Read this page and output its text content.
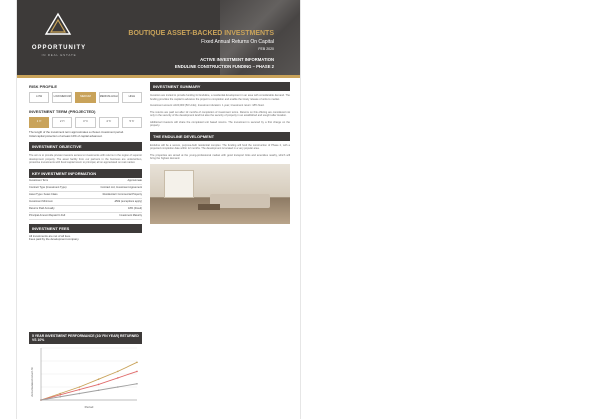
OPPORTUNITY
IN REAL ESTATE
BOUTIQUE ASSET-BACKED INVESTMENTS
Fixed Annual Returns On Capital
FEB 2020
ACTIVE INVESTMENT INFORMATION
ENDULINE CONSTRUCTION FUNDING – PHASE 2
RISK PROFILE
LOW	LOW-MEDIUM	MEDIUM	MEDIUM-HIGH	HIGH
INVESTMENT TERM (PROJECTED)
1 Yr	2 Yr	3 Yr	4 Yr	5 Yr
The length of the investment term approximates a chosen investment period.
Initial capital protection of at least 10% of capital advanced.
INVESTMENT OBJECTIVE
The aim is to provide private investors access to investments with returns in the region of superior development property. The asset facility from our partners in the business are underwritten, protective investments with fixed capital return to principal, all on appreciated on real market.
KEY INVESTMENT INFORMATION
Investment Term	Approximate
Contract Type (Investment Type)	Contract Ltd, Investment Agreement
Asset Type / Asset Class	Residential / Commercial Property
Investment Minimum	£50k (exceptions apply)
Returns Paid Annually	18% (Fixed)
Principal Amount Repaid In Full	Investment Maturity
INVESTMENT FEES
All investments are net of all fees.
Fees paid by the development company.
5 YEAR INVESTMENT PERFORMANCE (10/ FIN YEAR) RETURNED VS 10%
Accumulated return %
Period
INVESTMENT SUMMARY
Investors are invited to provide funding for Enduline, a residential development in an area with considerable demand. The funding provides the capital to advance the project to completion and enable the timely release of units to market.
Investment amount: £100,000 (50 Units); Investment duration: 1 year; Investment return: 18% fixed.
The returns are paid out after 12 months of completion of investment terms. Returns on this offering are considered not only in the security of the development land but also the security of property in an established and sought after location.
Additional investors will share the completed unit based returns. The investment is secured by a first charge on the property.
THE ENDULINE DEVELOPMENT
Enduline will be a secure, purpose-built residential complex. The funding will fund the construction of Phase 2, with a projected completion date within 12 months. The development is located in a very popular area.
The properties are aimed at the young-professional market with good transport links and amenities nearby, which will bring the highest demand.
